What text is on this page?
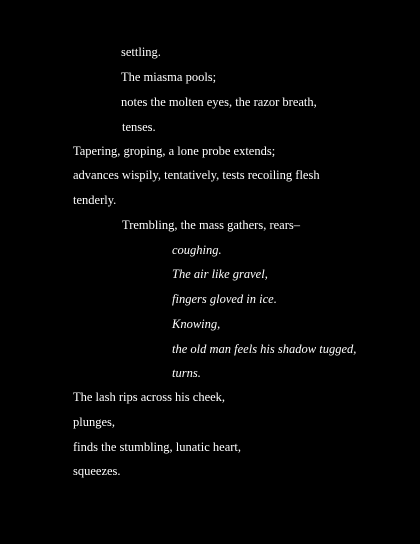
settling.

The miasma pools;

notes the molten eyes, the razor breath,

tenses.

Tapering, groping, a lone probe extends;

advances wispily, tentatively, tests recoiling flesh

tenderly.

Trembling, the mass gathers, rears–

coughing.

The air like gravel,

fingers gloved in ice.

Knowing,

the old man feels his shadow tugged,

turns.

The lash rips across his cheek,

plunges,

finds the stumbling, lunatic heart,

squeezes.
